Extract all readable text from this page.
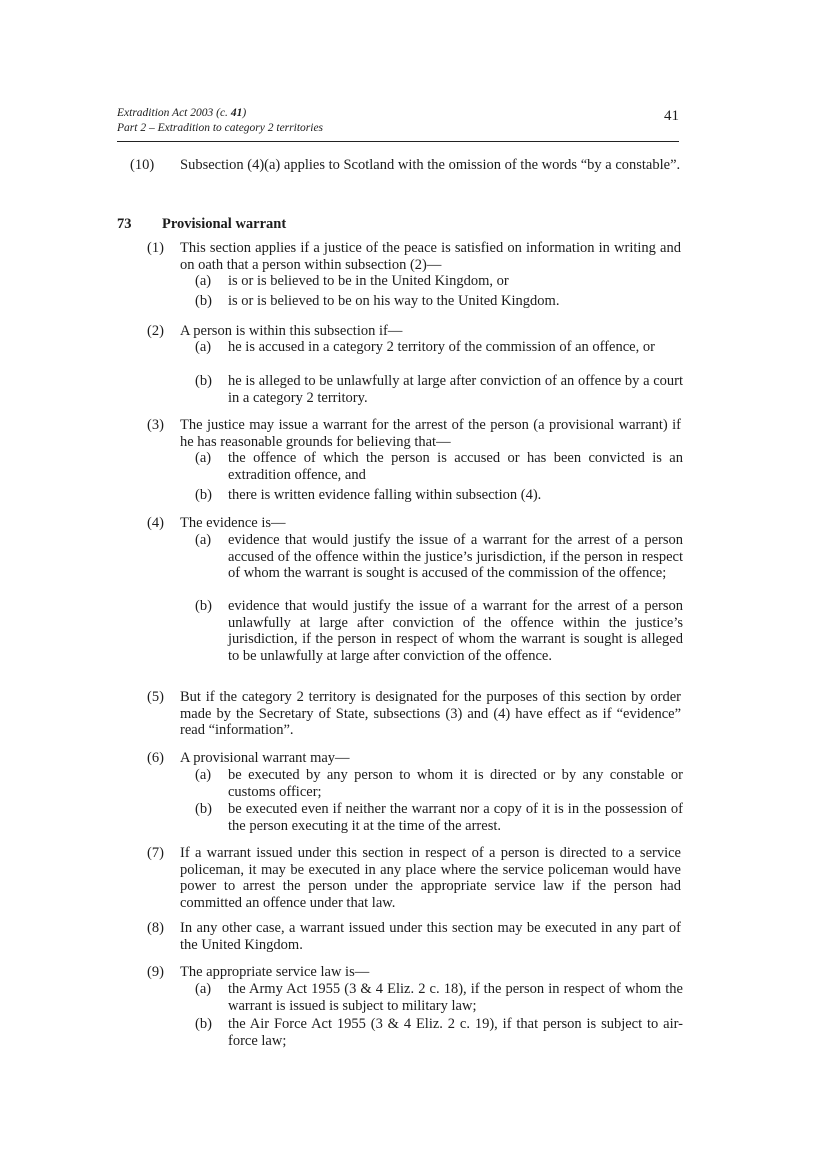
Extradition Act 2003 (c. 41)
Part 2 – Extradition to category 2 territories
41
(10) Subsection (4)(a) applies to Scotland with the omission of the words “by a constable”.
73 Provisional warrant
(1) This section applies if a justice of the peace is satisfied on information in writing and on oath that a person within subsection (2)—
(a) is or is believed to be in the United Kingdom, or
(b) is or is believed to be on his way to the United Kingdom.
(2) A person is within this subsection if—
(a) he is accused in a category 2 territory of the commission of an offence, or
(b) he is alleged to be unlawfully at large after conviction of an offence by a court in a category 2 territory.
(3) The justice may issue a warrant for the arrest of the person (a provisional warrant) if he has reasonable grounds for believing that—
(a) the offence of which the person is accused or has been convicted is an extradition offence, and
(b) there is written evidence falling within subsection (4).
(4) The evidence is—
(a) evidence that would justify the issue of a warrant for the arrest of a person accused of the offence within the justice’s jurisdiction, if the person in respect of whom the warrant is sought is accused of the commission of the offence;
(b) evidence that would justify the issue of a warrant for the arrest of a person unlawfully at large after conviction of the offence within the justice’s jurisdiction, if the person in respect of whom the warrant is sought is alleged to be unlawfully at large after conviction of the offence.
(5) But if the category 2 territory is designated for the purposes of this section by order made by the Secretary of State, subsections (3) and (4) have effect as if “evidence” read “information”.
(6) A provisional warrant may—
(a) be executed by any person to whom it is directed or by any constable or customs officer;
(b) be executed even if neither the warrant nor a copy of it is in the possession of the person executing it at the time of the arrest.
(7) If a warrant issued under this section in respect of a person is directed to a service policeman, it may be executed in any place where the service policeman would have power to arrest the person under the appropriate service law if the person had committed an offence under that law.
(8) In any other case, a warrant issued under this section may be executed in any part of the United Kingdom.
(9) The appropriate service law is—
(a) the Army Act 1955 (3 & 4 Eliz. 2 c. 18), if the person in respect of whom the warrant is issued is subject to military law;
(b) the Air Force Act 1955 (3 & 4 Eliz. 2 c. 19), if that person is subject to air-force law;
